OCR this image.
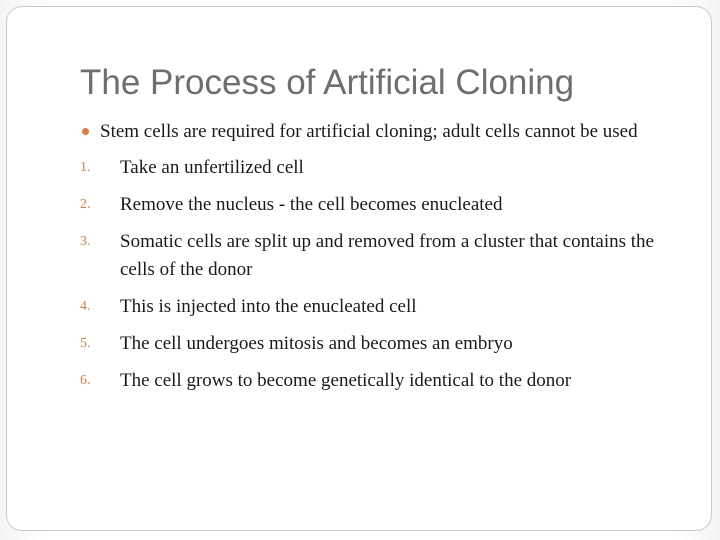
The Process of Artificial Cloning
Stem cells are required for artificial cloning; adult cells cannot be used
1. Take an unfertilized cell
2. Remove the nucleus - the cell becomes enucleated
3. Somatic cells are split up and removed from a cluster that contains the cells of the donor
4. This is injected into the enucleated cell
5. The cell undergoes mitosis and becomes an embryo
6. The cell grows to become genetically identical to the donor
